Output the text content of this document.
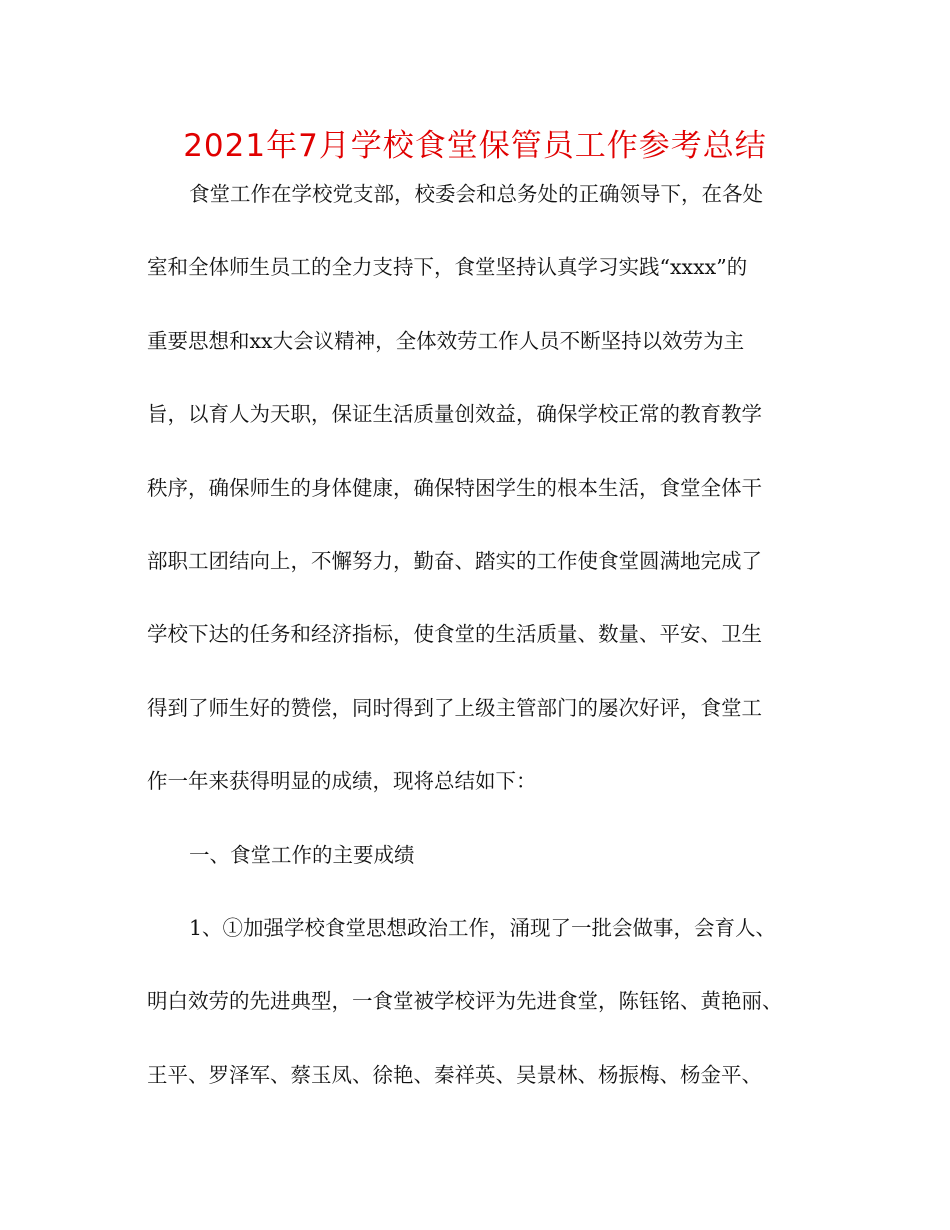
2021年7月学校食堂保管员工作参考总结
食堂工作在学校党支部，校委会和总务处的正确领导下，在各处
室和全体师生员工的全力支持下，食堂坚持认真学习实践“xxxx”的
重要思想和xx大会议精神，全体效劳工作人员不断坚持以效劳为主
旨，以育人为天职，保证生活质量创效益，确保学校正常的教育教学
秩序，确保师生的身体健康，确保特困学生的根本生活，食堂全体干
部职工团结向上，不懈努力，勤奋、踏实的工作使食堂圆满地完成了
学校下达的任务和经济指标，使食堂的生活质量、数量、平安、卫生
得到了师生好的赞偿，同时得到了上级主管部门的屡次好评，食堂工
作一年来获得明显的成绩，现将总结如下：
一、食堂工作的主要成绩
1、①加强学校食堂思想政治工作，涌现了一批会做事，会育人、
明白效劳的先进典型，一食堂被学校评为先进食堂，陈钰铭、黄艳丽、
王平、罗泽军、蔡玉凤、徐艳、秦祥英、吴景林、杨振梅、杨金平、
